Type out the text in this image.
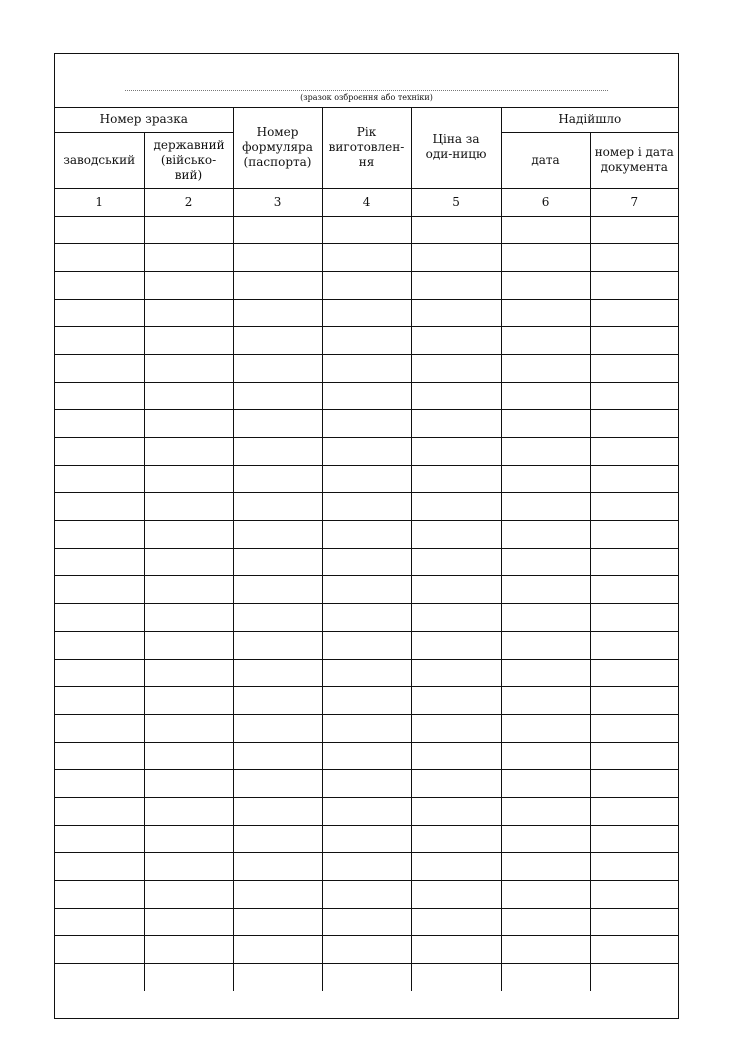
(зразок озброєння або техніки)
Номер зразка		Номер формуляра (паспорта)	Рік виготовлен-ня	Ціна за оди-ницю	Надійшло	
заводський	державний (військо-вий)				дата	номер і дата документа
1	2	3	4	5	6	7
